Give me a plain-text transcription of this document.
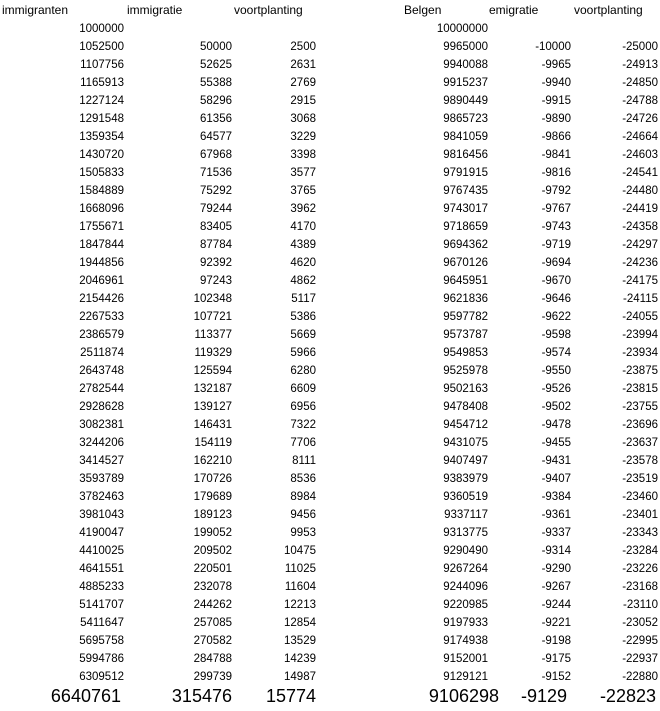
immigranten	immigratie	voortplanting
1000000
1052500	50000	2500
1107756	52625	2631
1165913	55388	2769
1227124	58296	2915
1291548	61356	3068
1359354	64577	3229
1430720	67968	3398
1505833	71536	3577
1584889	75292	3765
1668096	79244	3962
1755671	83405	4170
1847844	87784	4389
1944856	92392	4620
2046961	97243	4862
2154426	102348	5117
2267533	107721	5386
2386579	113377	5669
2511874	119329	5966
2643748	125594	6280
2782544	132187	6609
2928628	139127	6956
3082381	146431	7322
3244206	154119	7706
3414527	162210	8111
3593789	170726	8536
3782463	179689	8984
3981043	189123	9456
4190047	199052	9953
4410025	209502	10475
4641551	220501	11025
4885233	232078	11604
5141707	244262	12213
5411647	257085	12854
5695758	270582	13529
5994786	284788	14239
6309512	299739	14987
6640761	315476	15774
Belgen	emigratie	voortplanting
10000000
9965000	-10000	-25000
9940088	-9965	-24913
9915237	-9940	-24850
9890449	-9915	-24788
9865723	-9890	-24726
9841059	-9866	-24664
9816456	-9841	-24603
9791915	-9816	-24541
9767435	-9792	-24480
9743017	-9767	-24419
9718659	-9743	-24358
9694362	-9719	-24297
9670126	-9694	-24236
9645951	-9670	-24175
9621836	-9646	-24115
9597782	-9622	-24055
9573787	-9598	-23994
9549853	-9574	-23934
9525978	-9550	-23875
9502163	-9526	-23815
9478408	-9502	-23755
9454712	-9478	-23696
9431075	-9455	-23637
9407497	-9431	-23578
9383979	-9407	-23519
9360519	-9384	-23460
9337117	-9361	-23401
9313775	-9337	-23343
9290490	-9314	-23284
9267264	-9290	-23226
9244096	-9267	-23168
9220985	-9244	-23110
9197933	-9221	-23052
9174938	-9198	-22995
9152001	-9175	-22937
9129121	-9152	-22880
9106298	-9129	-22823
